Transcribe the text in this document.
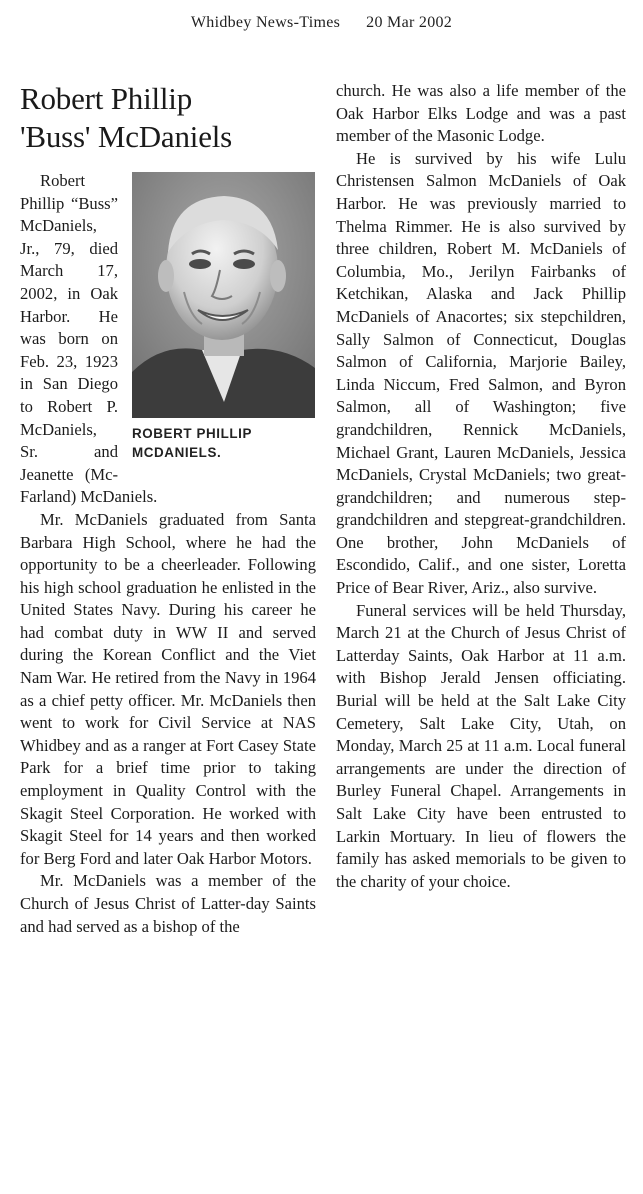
Whidbey News-Times 20 Mar 2002
Robert Phillip
'Buss' McDaniels
ROBERT PHILLIP
MCDANIELS.

Robert Phillip “Buss” McDaniels, Jr., 79, died March 17, 2002, in Oak Harbor. He was born on Feb. 23, 1923 in San Diego to Robert P. McDaniels, Sr. and Jeanette (McFarland) McDaniels.

Mr. McDaniels graduated from Santa Barbara High School, where he had the opportunity to be a cheerleader. Following his high school graduation he enlisted in the United States Navy. During his career he had combat duty in WW II and served during the Korean Conflict and the Viet Nam War. He retired from the Navy in 1964 as a chief petty officer. Mr. McDaniels then went to work for Civil Service at NAS Whidbey and as a ranger at Fort Casey State Park for a brief time prior to taking employment in Quality Control with the Skagit Steel Corporation. He worked with Skagit Steel for 14 years and then worked for Berg Ford and later Oak Harbor Motors.

Mr. McDaniels was a member of the Church of Jesus Christ of Latter-day Saints and had served as a bishop of the

church. He was also a life member of the Oak Harbor Elks Lodge and was a past member of the Masonic Lodge.

He is survived by his wife Lulu Christensen Salmon McDaniels of Oak Harbor. He was previously married to Thelma Rimmer. He is also survived by three children, Robert M. McDaniels of Columbia, Mo., Jerilyn Fairbanks of Ketchikan, Alaska and Jack Phillip McDaniels of Anacortes; six stepchildren, Sally Salmon of Connecticut, Douglas Salmon of California, Marjorie Bailey, Linda Niccum, Fred Salmon, and Byron Salmon, all of Washington; five grandchildren, Rennick McDaniels, Michael Grant, Lauren McDaniels, Jessica McDaniels, Crystal McDaniels; two greatgrandchildren; and numerous step-grandchildren and stepgreat-grandchildren. One brother, John McDaniels of Escondido, Calif., and one sister, Loretta Price of Bear River, Ariz., also survive.

Funeral services will be held Thursday, March 21 at the Church of Jesus Christ of Latterday Saints, Oak Harbor at 11 a.m. with Bishop Jerald Jensen officiating. Burial will be held at the Salt Lake City Cemetery, Salt Lake City, Utah, on Monday, March 25 at 11 a.m. Local funeral arrangements are under the direction of Burley Funeral Chapel. Arrangements in Salt Lake City have been entrusted to Larkin Mortuary. In lieu of flowers the family has asked memorials to be given to the charity of your choice.
